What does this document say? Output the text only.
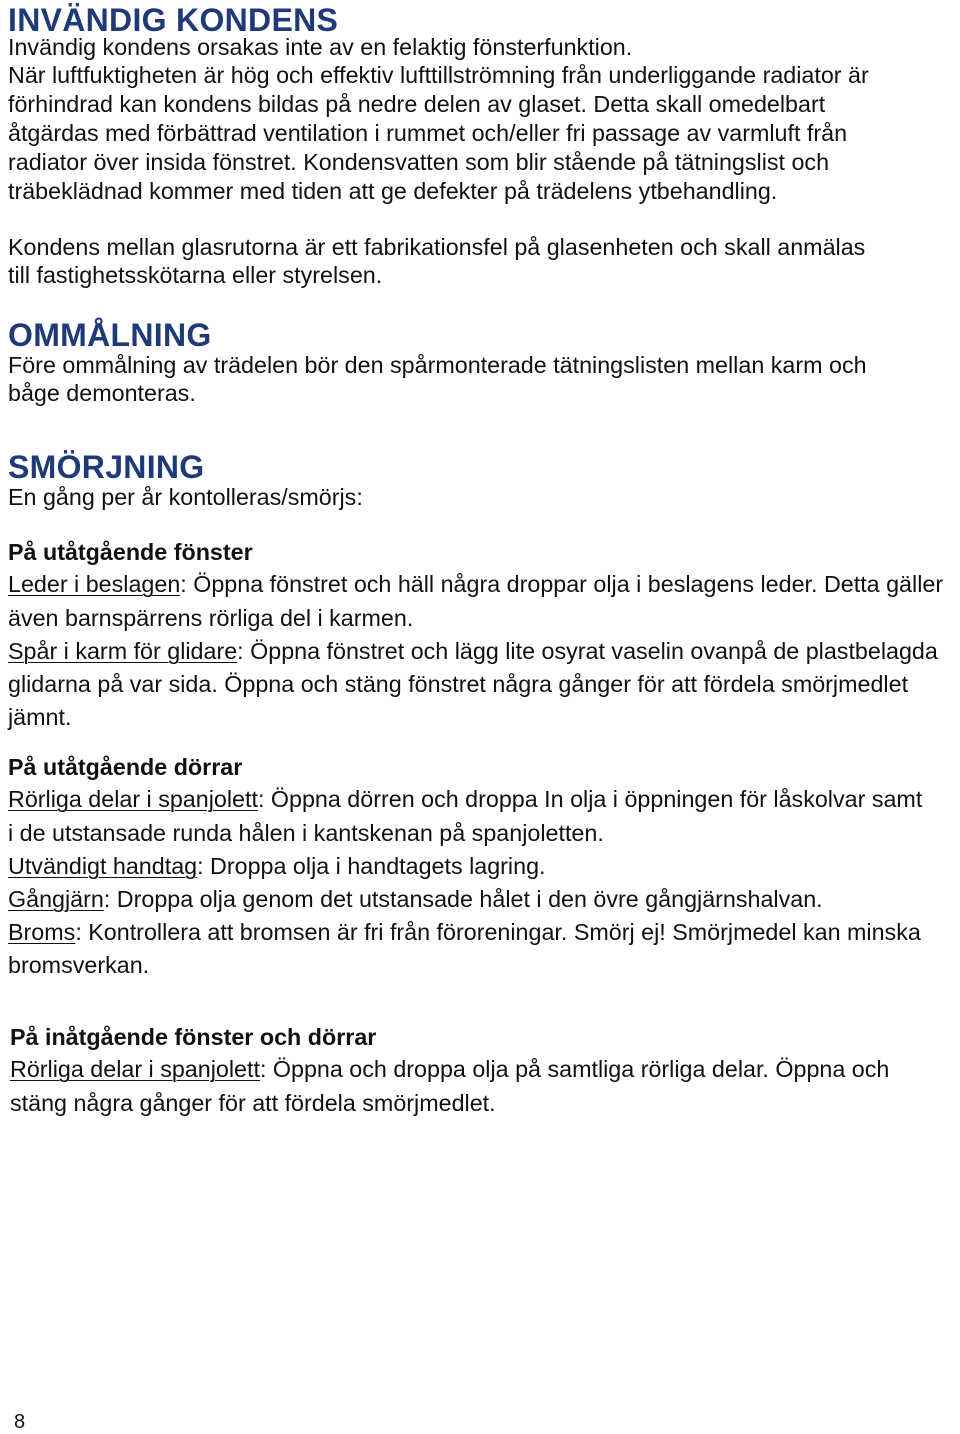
INVÄNDIG KONDENS
Invändig kondens orsakas inte av en felaktig fönsterfunktion.
När luftfuktigheten är hög och effektiv lufttillströmning från underliggande radiator är
förhindrad kan kondens bildas på nedre delen av glaset. Detta skall omedelbart
åtgärdas med förbättrad ventilation i rummet och/eller fri passage av varmluft från
radiator över insida fönstret. Kondensvatten som blir stående på tätningslist och
träbeklädnad kommer med tiden att ge defekter på trädelens ytbehandling.
Kondens mellan glasrutorna är ett fabrikationsfel på glasenheten och skall anmälas
till fastighetsskötarna eller styrelsen.
OMMÅLNING
Före ommålning av trädelen bör den spårmonterade tätningslisten mellan karm och
båge demonteras.
SMÖRJNING
En gång per år kontolleras/smörjs:
På utåtgående fönster
Leder i beslagen: Öppna fönstret och häll några droppar olja i beslagens leder. Detta gäller
även barnspärrens rörliga del i karmen.
Spår i karm för glidare: Öppna fönstret och lägg lite osyrat vaselin ovanpå de plastbelagda
glidarna på var sida. Öppna och stäng fönstret några gånger för att fördela smörjmedlet
jämnt.
På utåtgående dörrar
Rörliga delar i spanjolett: Öppna dörren och droppa In olja i öppningen för låskolvar samt
i de utstansade runda hålen i kantskenan på spanjoletten.
Utvändigt handtag: Droppa olja i handtagets lagring.
Gångjärn: Droppa olja genom det utstansade hålet i den övre gångjärnshalvan.
Broms: Kontrollera att bromsen är fri från föroreningar. Smörj ej! Smörjmedel kan minska
bromsverkan.
På inåtgående fönster och dörrar
Rörliga delar i spanjolett: Öppna och droppa olja på samtliga rörliga delar. Öppna och
stäng några gånger för att fördela smörjmedlet.
8
